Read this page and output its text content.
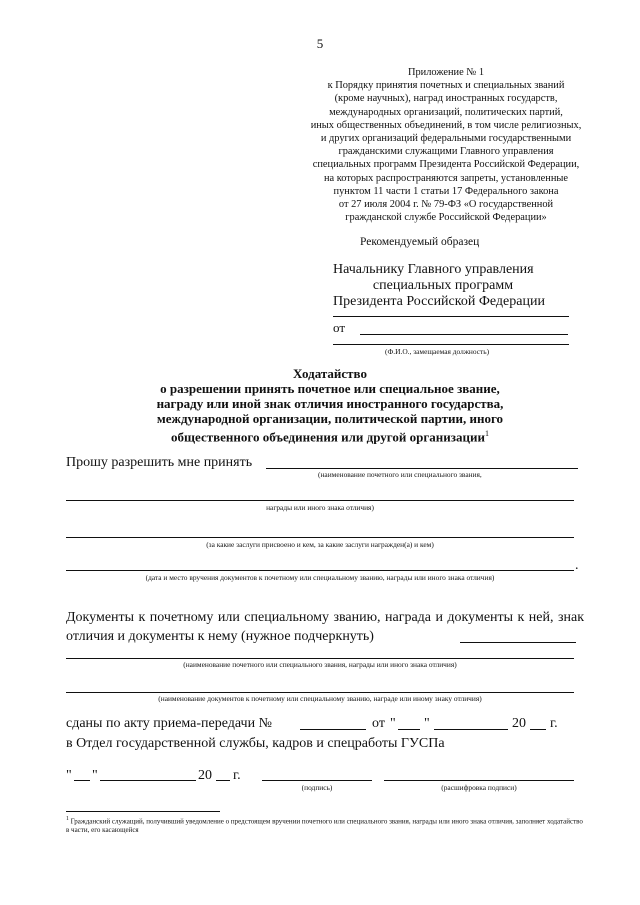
5
Приложение № 1
к Порядку принятия почетных и специальных званий
(кроме научных), наград иностранных государств,
международных организаций, политических партий,
иных общественных объединений, в том числе религиозных,
и других организаций федеральными государственными
гражданскими служащими Главного управления
специальных программ Президента Российской Федерации,
на которых распространяются запреты, установленные
пунктом 11 части 1 статьи 17 Федерального закона
от 27 июля 2004 г. № 79-ФЗ «О государственной
гражданской службе Российской Федерации»
Рекомендуемый образец
Начальнику Главного управления
специальных программ
Президента Российской Федерации
от
(Ф.И.О., замещаемая должность)
Ходатайство
о разрешении принять почетное или специальное звание,
награду или иной знак отличия иностранного государства,
международной организации, политической партии, иного
общественного объединения или другой организации$^1$
Прошу разрешить мне принять
(наименование почетного или специального звания,
награды или иного знака отличия)
(за какие заслуги присвоено и кем, за какие заслуги награжден(а) и кем)
.
(дата и место вручения документов к почетному или специальному званию, награды или иного знака отличия)
Документы к почетному или специальному званию, награда и документы к ней, знак отличия и документы к нему (нужное подчеркнуть)
(наименование почетного или специального звания, награды или иного знака отличия)
(наименование документов к почетному или специальному званию, награде или иному знаку отличия)
сданы по акту приема-передачи №	от " "	20 г.
в Отдел государственной службы, кадров и спецработы ГУСПа
" "	20 г.
(подпись)	(расшифровка подписи)
$^1$ Гражданский служащий, получивший уведомление о предстоящем вручении почетного или специального звания, награды или иного знака отличия, заполняет ходатайство в части, его касающейся
